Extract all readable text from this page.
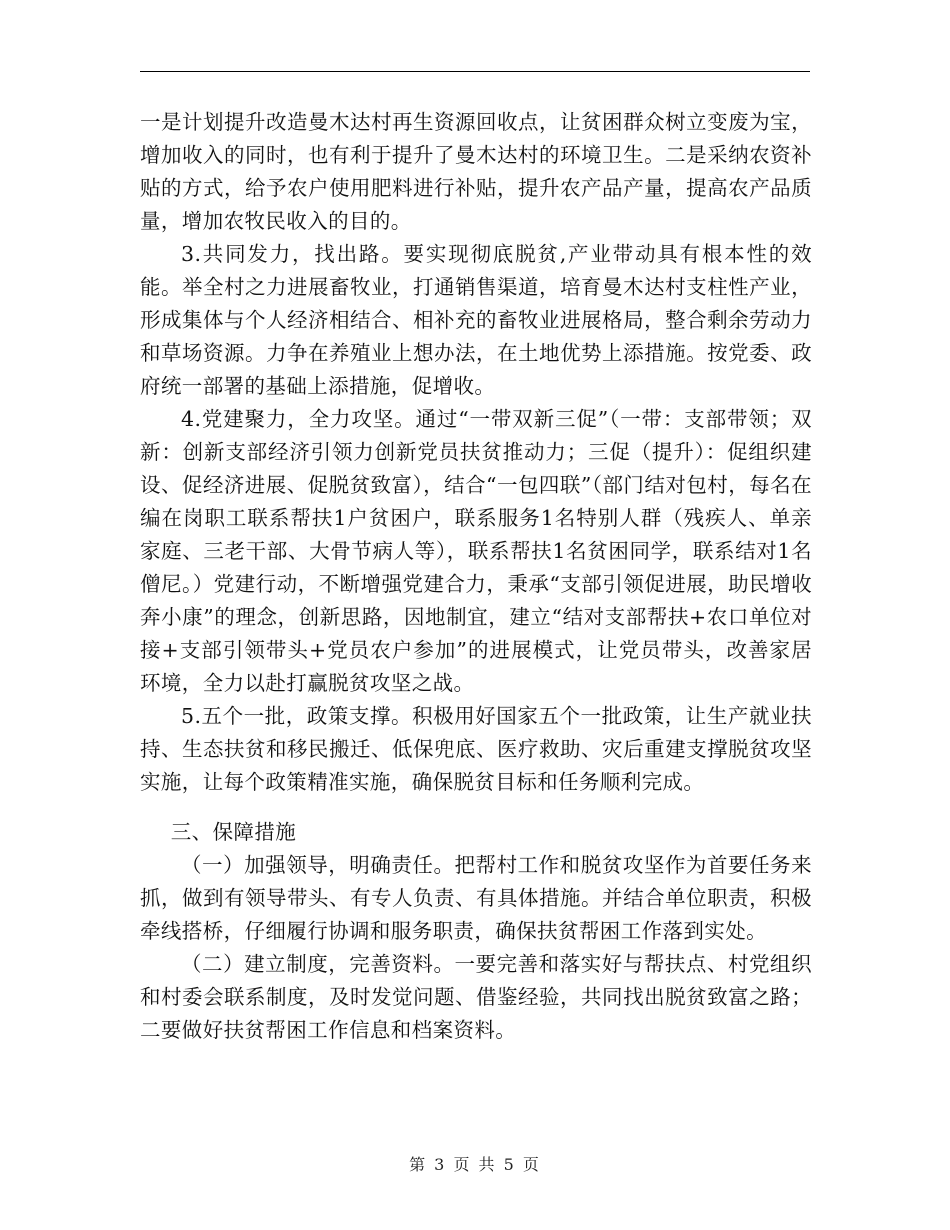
一是计划提升改造曼木达村再生资源回收点，让贫困群众树立变废为宝，增加收入的同时，也有利于提升了曼木达村的环境卫生。二是采纳农资补贴的方式，给予农户使用肥料进行补贴，提升农产品产量，提高农产品质量，增加农牧民收入的目的。

3.共同发力，找出路。要实现彻底脱贫,产业带动具有根本性的效能。举全村之力进展畜牧业，打通销售渠道，培育曼木达村支柱性产业，形成集体与个人经济相结合、相补充的畜牧业进展格局，整合剩余劳动力和草场资源。力争在养殖业上想办法，在土地优势上添措施。按党委、政府统一部署的基础上添措施，促增收。

4.党建聚力，全力攻坚。通过“一带双新三促”（一带：支部带领；双新：创新支部经济引领力创新党员扶贫推动力；三促（提升）：促组织建设、促经济进展、促脱贫致富），结合“一包四联”（部门结对包村，每名在编在岗职工联系帮扶1户贫困户，联系服务1名特别人群（残疾人、单亲家庭、三老干部、大骨节病人等），联系帮扶1名贫困同学，联系结对1名僧尼。）党建行动，不断增强党建合力，秉承“支部引领促进展，助民增收奔小康”的理念，创新思路，因地制宜，建立“结对支部帮扶+农口单位对接+支部引领带头+党员农户参加”的进展模式，让党员带头，改善家居环境，全力以赴打赢脱贫攻坚之战。

5.五个一批，政策支撑。积极用好国家五个一批政策，让生产就业扶持、生态扶贫和移民搬迁、低保兜底、医疗救助、灾后重建支撑脱贫攻坚实施，让每个政策精准实施，确保脱贫目标和任务顺利完成。

三、保障措施

（一）加强领导，明确责任。把帮村工作和脱贫攻坚作为首要任务来抓，做到有领导带头、有专人负责、有具体措施。并结合单位职责，积极牵线搭桥，仔细履行协调和服务职责，确保扶贫帮困工作落到实处。

（二）建立制度，完善资料。一要完善和落实好与帮扶点、村党组织和村委会联系制度，及时发觉问题、借鉴经验，共同找出脱贫致富之路；二要做好扶贫帮困工作信息和档案资料。

第 3 页 共 5 页
